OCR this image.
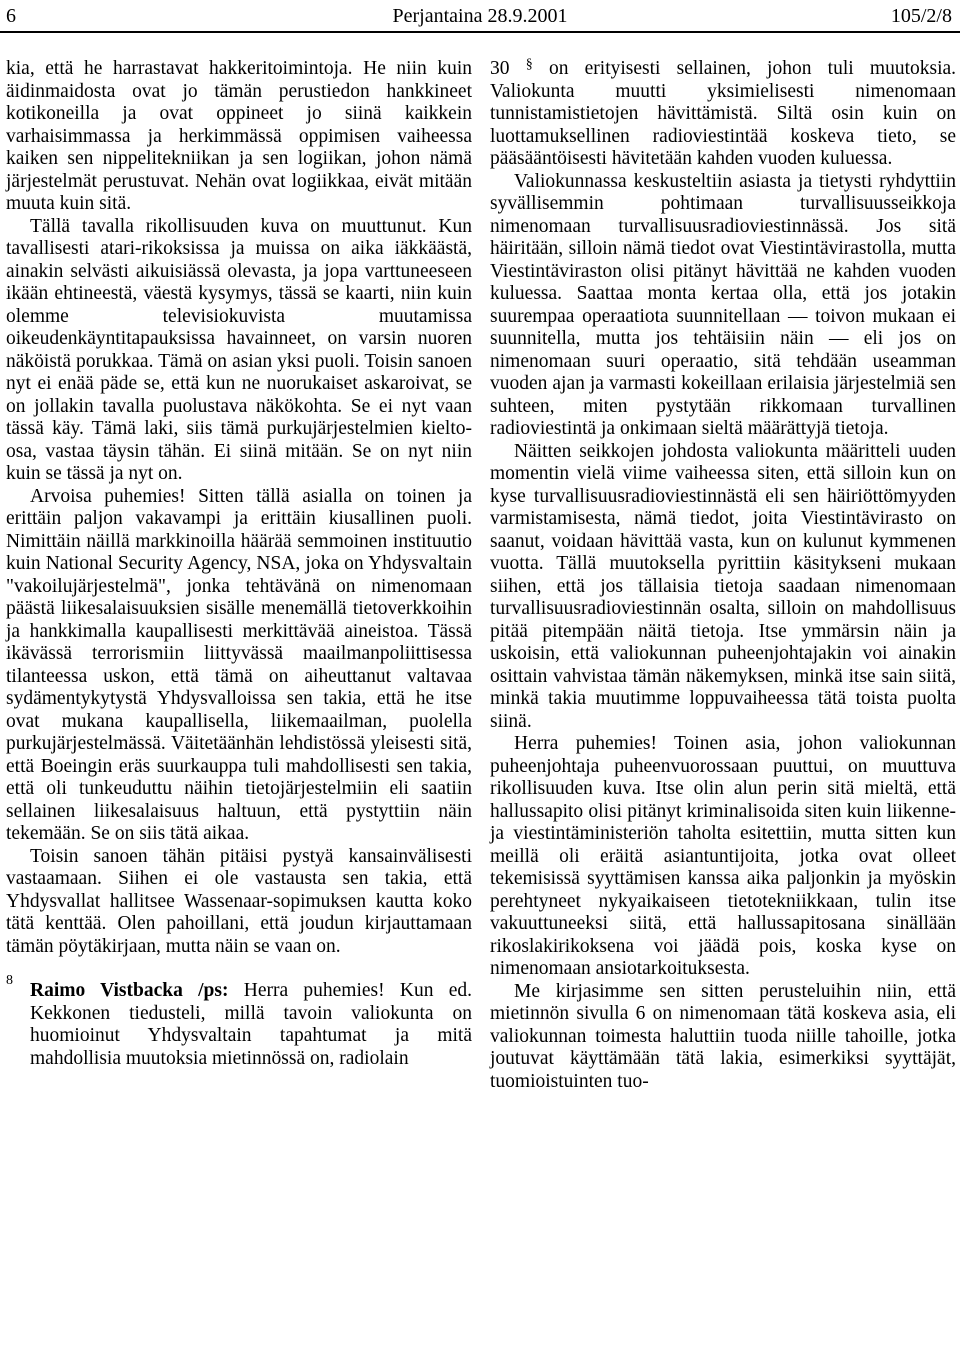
6	Perjantaina 28.9.2001	105/2/8

kia, että he harrastavat hakkeritoimintoja. He niin kuin äidinmaidosta ovat jo tämän perustiedon hankkineet kotikoneilla ja ovat oppineet jo siinä kaikkein varhaisimmassa ja herkimmässä oppimisen vaiheessa kaiken sen nippelitekniikan ja sen logiikan, johon nämä järjestelmät perustuvat. Nehän ovat logiikkaa, eivät mitään muuta kuin sitä.

Tällä tavalla rikollisuuden kuva on muuttunut. Kun tavallisesti atari-rikoksissa ja muissa on aika iäkkäästä, ainakin selvästi aikuisiässä olevasta, ja jopa varttuneeseen ikään ehtineestä, väestä kysymys, tässä se kaarti, niin kuin olemme televisiokuvista muutamissa oikeudenkäyntitapauksissa havainneet, on varsin nuoren näköistä porukkaa. Tämä on asian yksi puoli. Toisin sanoen nyt ei enää päde se, että kun ne nuorukaiset askaroivat, se on jollakin tavalla puolustava näkökohta. Se ei nyt vaan tässä käy. Tämä laki, siis tämä purkujärjestelmien kielto-osa, vastaa täysin tähän. Ei siinä mitään. Se on nyt niin kuin se tässä ja nyt on.

Arvoisa puhemies! Sitten tällä asialla on toinen ja erittäin paljon vakavampi ja erittäin kiusallinen puoli. Nimittäin näillä markkinoilla häärää semmoinen instituutio kuin National Security Agency, NSA, joka on Yhdysvaltain "vakoilujärjestelmä", jonka tehtävänä on nimenomaan päästä liikesalaisuuksien sisälle menemällä tietoverkkoihin ja hankkimalla kaupallisesti merkittävää aineistoa. Tässä ikävässä terrorismiin liittyvässä maailmanpoliittisessa tilanteessa uskon, että tämä on aiheuttanut valtavaa sydämentykytystä Yhdysvalloissa sen takia, että he itse ovat mukana kaupallisella, liikemaailman, puolella purkujärjestelmässä. Väitetäänhän lehdistössä yleisesti sitä, että Boeingin eräs suurkauppa tuli mahdollisesti sen takia, että oli tunkeuduttu näihin tietojärjestelmiin eli saatiin sellainen liikesalaisuus haltuun, että pystyttiin näin tekemään. Se on siis tätä aikaa.

Toisin sanoen tähän pitäisi pystyä kansainvälisesti vastaamaan. Siihen ei ole vastausta sen takia, että Yhdysvallat hallitsee Wassenaar-sopimuksen kautta koko tätä kenttää. Olen pahoillani, että joudun kirjauttamaan tämän pöytäkirjaan, mutta näin se vaan on.

8 Raimo Vistbacka /ps: Herra puhemies! Kun ed. Kekkonen tiedusteli, millä tavoin valiokunta on huomioinut Yhdysvaltain tapahtumat ja mitä mahdollisia muutoksia mietinnössä on, radiolain

30 § on erityisesti sellainen, johon tuli muutoksia. Valiokunta muutti yksimielisesti nimenomaan tunnistamistietojen hävittämistä. Siltä osin kuin on luottamuksellinen radioviestintää koskeva tieto, se pääsääntöisesti hävitetään kahden vuoden kuluessa.

Valiokunnassa keskusteltiin asiasta ja tietysti ryhdyttiin syvällisemmin pohtimaan turvallisuusseikkoja nimenomaan turvallisuusradioviestinnässä. Jos sitä häiritään, silloin nämä tiedot ovat Viestintävirastolla, mutta Viestintäviraston olisi pitänyt hävittää ne kahden vuoden kuluessa. Saattaa monta kertaa olla, että jos jotakin suurempaa operaatiota suunnitellaan — toivon mukaan ei suunnitella, mutta jos tehtäisiin näin — eli jos on nimenomaan suuri operaatio, sitä tehdään useamman vuoden ajan ja varmasti kokeillaan erilaisia järjestelmiä sen suhteen, miten pystytään rikkomaan turvallinen radioviestintä ja onkimaan sieltä määrättyjä tietoja.

Näitten seikkojen johdosta valiokunta määritteli uuden momentin vielä viime vaiheessa siten, että silloin kun on kyse turvallisuusradioviestinnästä eli sen häiriöttömyyden varmistamisesta, nämä tiedot, joita Viestintävirasto on saanut, voidaan hävittää vasta, kun on kulunut kymmenen vuotta. Tällä muutoksella pyrittiin käsitykseni mukaan siihen, että jos tällaisia tietoja saadaan nimenomaan turvallisuusradioviestinnän osalta, silloin on mahdollisuus pitää pitempään näitä tietoja. Itse ymmärsin näin ja uskoisin, että valiokunnan puheenjohtajakin voi ainakin osittain vahvistaa tämän näkemyksen, minkä itse sain siitä, minkä takia muutimme loppuvaiheessa tätä toista puolta siinä.

Herra puhemies! Toinen asia, johon valiokunnan puheenjohtaja puheenvuorossaan puuttui, on muuttuva rikollisuuden kuva. Itse olin alun perin sitä mieltä, että hallussapito olisi pitänyt kriminalisoida siten kuin liikenne- ja viestintäministeriön taholta esitettiin, mutta sitten kun meillä oli eräitä asiantuntijoita, jotka ovat olleet tekemisissä syyttämisen kanssa aika paljonkin ja myöskin perehtyneet nykyaikaiseen tietotekniikkaan, tulin itse vakuuttuneeksi siitä, että hallussapitosana sinällään rikoslakirikoksena voi jäädä pois, koska kyse on nimenomaan ansiotarkoituksesta.

Me kirjasimme sen sitten perusteluihin niin, että mietinnön sivulla 6 on nimenomaan tätä koskeva asia, eli valiokunnan toimesta haluttiin tuoda niille tahoille, jotka joutuvat käyttämään tätä lakia, esimerkiksi syyttäjät, tuomioistuinten tuo-
